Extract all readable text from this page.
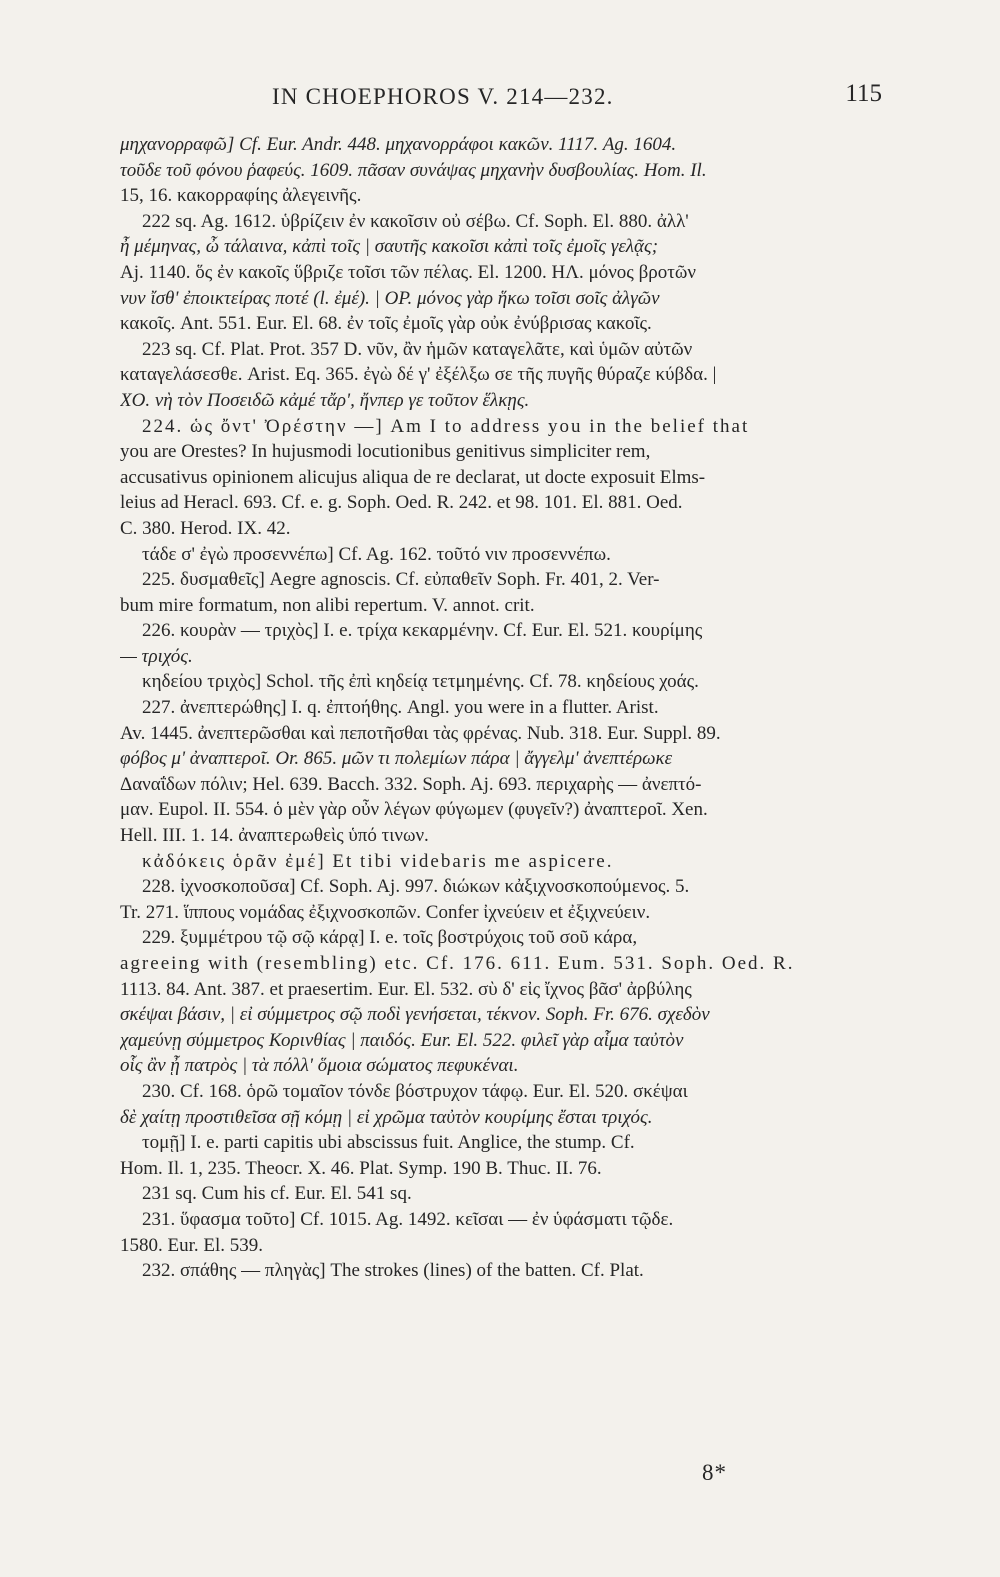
IN CHOEPHOROS V. 214—232.	115
μηχανορραφῶ] Cf. Eur. Andr. 448. μηχανορράφοι κακῶν. 1117. Ag. 1604.
τοῦδε τοῦ φόνου ῥαφεύς. 1609. πᾶσαν συνάψας μηχανὴν δυσβουλίας. Hom. Il.
15, 16. κακορραφίης ἀλεγεινῆς.
222 sq. Ag. 1612. ὑβρίζειν ἐν κακοῖσιν οὐ σέβω. Cf. Soph. El. 880. ἀλλ'
ἦ μέμηνας, ὦ τάλαινα, κἀπὶ τοῖς | σαυτῆς κακοῖσι κἀπὶ τοῖς ἐμοῖς γελᾷς;
Aj. 1140. ὅς ἐν κακοῖς ὕβριζε τοῖσι τῶν πέλας. El. 1200. ΗΛ. μόνος βροτῶν
νυν ἴσθ' ἐποικτείρας ποτέ (l. ἐμέ). | ΟΡ. μόνος γὰρ ἥκω τοῖσι σοῖς ἀλγῶν
κακοῖς. Ant. 551. Eur. El. 68. ἐν τοῖς ἐμοῖς γὰρ οὐκ ἐνύβρισας κακοῖς.
223 sq. Cf. Plat. Prot. 357 D. νῦν, ἂν ἡμῶν καταγελᾶτε, καὶ ὑμῶν αὐτῶν
καταγελάσεσθε. Arist. Eq. 365. ἐγὼ δέ γ' ἐξέλξω σε τῆς πυγῆς θύραζε κύβδα. |
ΧΟ. νὴ τὸν Ποσειδῶ κἀμέ τἄρ', ἤνπερ γε τοῦτον ἕλκῃς.
224. ὡς ὄντ' Ὀρέστην —] Am I to address you in the belief that
you are Orestes? In hujusmodi locutionibus genitivus simpliciter rem,
accusativus opinionem alicujus aliqua de re declarat, ut docte exposuit Elms-
leius ad Heracl. 693. Cf. e. g. Soph. Oed. R. 242. et 98. 101. El. 881. Oed.
C. 380. Herod. IX. 42.
τάδε σ' ἐγὼ προσεννέπω] Cf. Ag. 162. τοῦτό νιν προσεννέπω.
225. δυσμαθεῖς] Aegre agnoscis. Cf. εὐπαθεῖν Soph. Fr. 401, 2. Ver-
bum mire formatum, non alibi repertum. V. annot. crit.
226. κουρὰν — τριχὸς] I. e. τρίχα κεκαρμένην. Cf. Eur. El. 521. κουρίμης
— τριχός.
κηδείου τριχὸς] Schol. τῆς ἐπὶ κηδείᾳ τετμημένης. Cf. 78. κηδείους χοάς.
227. ἀνεπτερώθης] I. q. ἐπτοήθης. Angl. you were in a flutter. Arist.
Av. 1445. ἀνεπτερῶσθαι καὶ πεποτῆσθαι τὰς φρένας. Nub. 318. Eur. Suppl. 89.
φόβος μ' ἀναπτεροῖ. Or. 865. μῶν τι πολεμίων πάρα | ἄγγελμ' ἀνεπτέρωκε
Δαναΐδων πόλιν; Hel. 639. Bacch. 332. Soph. Aj. 693. περιχαρὴς — ἀνεπτό-
μαν. Eupol. II. 554. ὁ μὲν γὰρ οὖν λέγων φύγωμεν (φυγεῖν?) ἀναπτεροῖ. Xen.
Hell. III. 1. 14. ἀναπτερωθεὶς ὑπό τινων.
κἀδόκεις ὁρᾶν ἐμέ] Et tibi videbaris me aspicere.
228. ἰχνοσκοποῦσα] Cf. Soph. Aj. 997. διώκων κἀξιχνοσκοπούμενος. 5.
Tr. 271. ἵππους νομάδας ἐξιχνοσκοπῶν. Confer ἰχνεύειν et ἐξιχνεύειν.
229. ξυμμέτρου τῷ σῷ κάρᾳ] I. e. τοῖς βοστρύχοις τοῦ σοῦ κάρα,
agreeing with (resembling) etc. Cf. 176. 611. Eum. 531. Soph. Oed. R.
1113. 84. Ant. 387. et praesertim. Eur. El. 532. σὺ δ' εἰς ἴχνος βᾶσ' ἀρβύλης
σκέψαι βάσιν, | εἰ σύμμετρος σῷ ποδὶ γενήσεται, τέκνον. Soph. Fr. 676. σχεδὸν
χαμεύνῃ σύμμετρος Κορινθίας | παιδός. Eur. El. 522. φιλεῖ γὰρ αἷμα ταὐτὸν
οἷς ἂν ᾖ πατρὸς | τὰ πόλλ' ὅμοια σώματος πεφυκέναι.
230. Cf. 168. ὁρῶ τομαῖον τόνδε βόστρυχον τάφῳ. Eur. El. 520. σκέψαι
δὲ χαίτῃ προστιθεῖσα σῇ κόμῃ | εἰ χρῶμα ταὐτὸν κουρίμης ἔσται τριχός.
τομῇ] I. e. parti capitis ubi abscissus fuit. Anglice, the stump. Cf.
Hom. Il. 1, 235. Theocr. X. 46. Plat. Symp. 190 B. Thuc. II. 76.
231 sq. Cum his cf. Eur. El. 541 sq.
231. ὕφασμα τοῦτο] Cf. 1015. Ag. 1492. κεῖσαι — ἐν ὑφάσματι τῷδε.
1580. Eur. El. 539.
232. σπάθης — πληγὰς] The strokes (lines) of the batten. Cf. Plat.
8*
